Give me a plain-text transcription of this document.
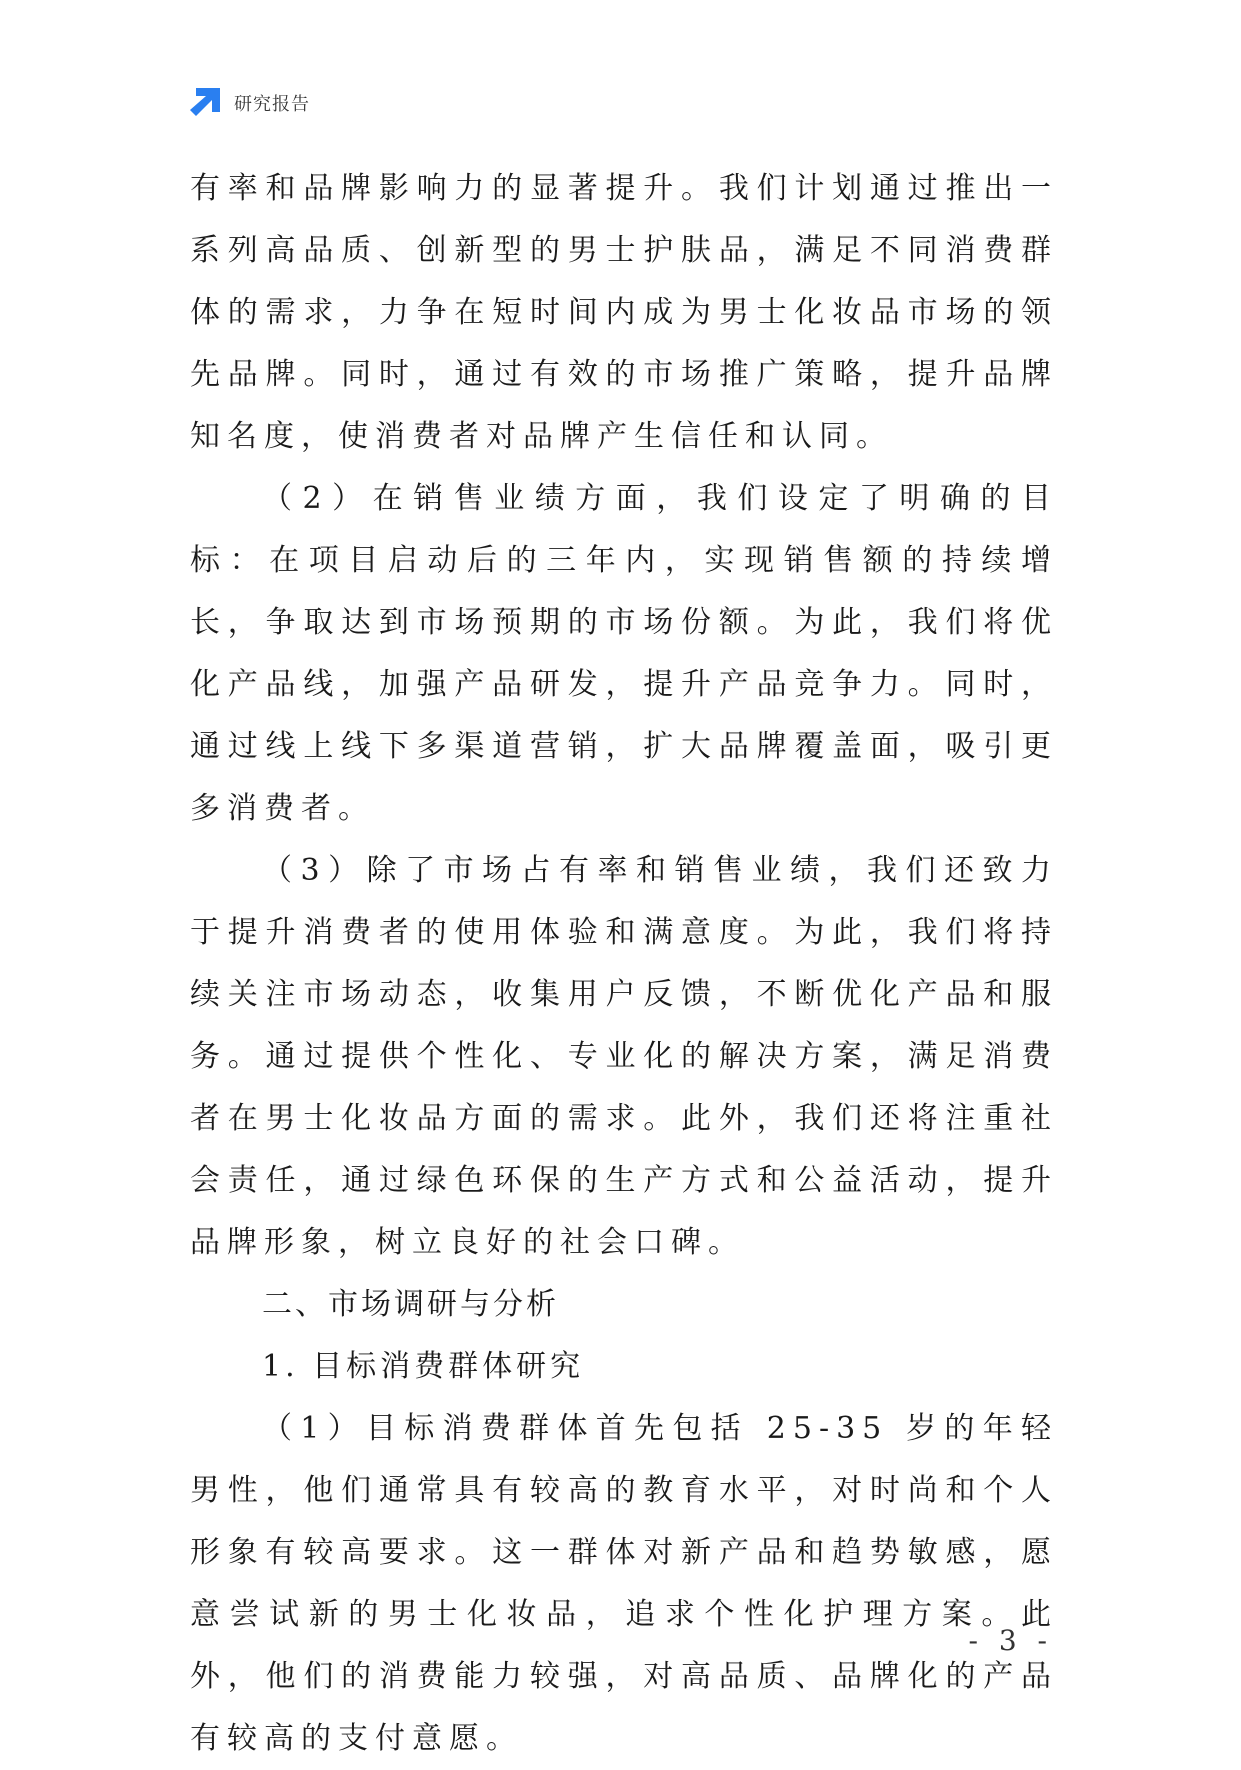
研究报告

有率和品牌影响力的显著提升。我们计划通过推出一系列高品质、创新型的男士护肤品，满足不同消费群体的需求，力争在短时间内成为男士化妆品市场的领先品牌。同时，通过有效的市场推广策略，提升品牌知名度，使消费者对品牌产生信任和认同。

（2）在销售业绩方面，我们设定了明确的目标：在项目启动后的三年内，实现销售额的持续增长，争取达到市场预期的市场份额。为此，我们将优化产品线，加强产品研发，提升产品竞争力。同时，通过线上线下多渠道营销，扩大品牌覆盖面，吸引更多消费者。

（3）除了市场占有率和销售业绩，我们还致力于提升消费者的使用体验和满意度。为此，我们将持续关注市场动态，收集用户反馈，不断优化产品和服务。通过提供个性化、专业化的解决方案，满足消费者在男士化妆品方面的需求。此外，我们还将注重社会责任，通过绿色环保的生产方式和公益活动，提升品牌形象，树立良好的社会口碑。

二、市场调研与分析

1. 目标消费群体研究

（1）目标消费群体首先包括 25-35 岁的年轻男性，他们通常具有较高的教育水平，对时尚和个人形象有较高要求。这一群体对新产品和趋势敏感，愿意尝试新的男士化妆品，追求个性化护理方案。此外，他们的消费能力较强，对高品质、品牌化的产品有较高的支付意愿。

- 3 -
